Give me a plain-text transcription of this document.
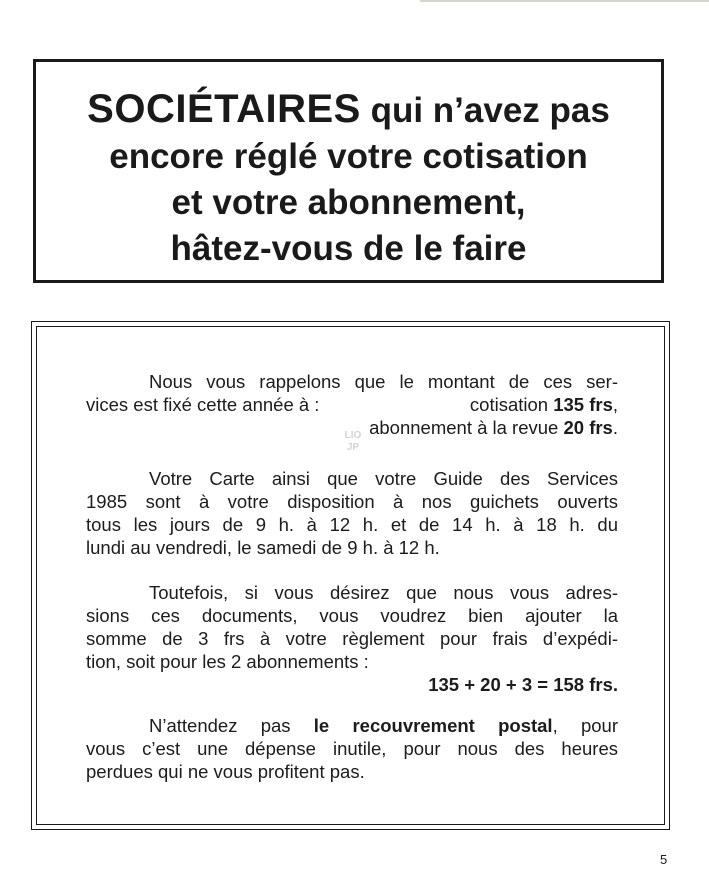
SOCIÉTAIRES qui n’avez pas
encore réglé votre cotisation
et votre abonnement,
hâtez-vous de le faire
Nous vous rappelons que le montant de ces ser-
vices est fixé cette année à :	cotisation 135 frs,
abonnement à la revue 20 frs.
LIO
JP
Votre Carte ainsi que votre Guide des Services
1985 sont à votre disposition à nos guichets ouverts
tous les jours de 9 h. à 12 h. et de 14 h. à 18 h. du
lundi au vendredi, le samedi de 9 h. à 12 h.
Toutefois, si vous désirez que nous vous adres-
sions ces documents, vous voudrez bien ajouter la
somme de 3 frs à votre règlement pour frais d’expédi-
tion, soit pour les 2 abonnements :
135 + 20 + 3 = 158 frs.
N’attendez pas le recouvrement postal, pour
vous c’est une dépense inutile, pour nous des heures
perdues qui ne vous profitent pas.
5
